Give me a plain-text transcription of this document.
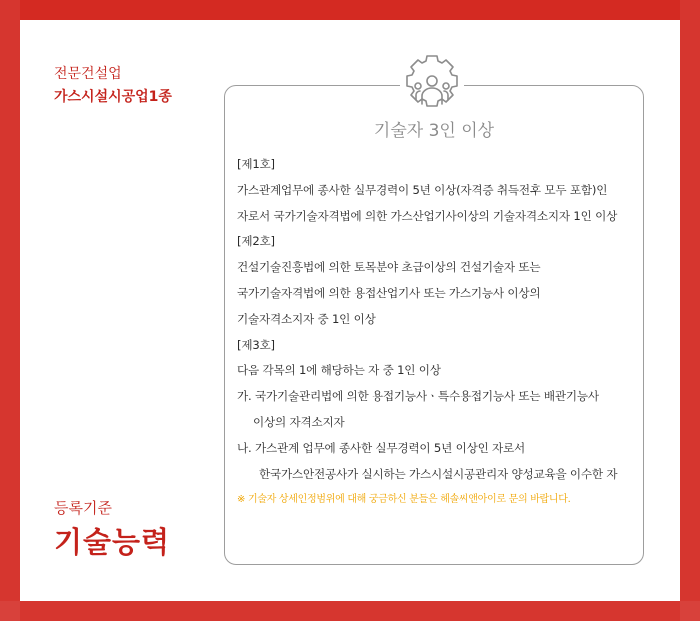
전문건설업
가스시설시공업1종
기술자 3인 이상
[제1호]
가스관계업무에 종사한 실무경력이 5년 이상(자격증 취득전후 모두 포함)인
자로서 국가기술자격법에 의한 가스산업기사이상의 기술자격소지자 1인 이상
[제2호]
건설기술진흥법에 의한 토목분야 초급이상의 건설기술자 또는
국가기술자격법에 의한 용접산업기사 또는 가스기능사 이상의
기술자격소지자 중 1인 이상
[제3호]
다음 각목의 1에 해당하는 자 중 1인 이상
가. 국가기술관리법에 의한 용접기능사ㆍ특수용접기능사 또는 배관기능사
이상의 자격소지자
나. 가스관계 업무에 종사한 실무경력이 5년 이상인 자로서
한국가스안전공사가 실시하는 가스시설시공관리자 양성교육을 이수한 자
※ 기술자 상세인정범위에 대해 궁금하신 분들은 헤솔씨앤아이로 문의 바랍니다.
등록기준
기술능력
